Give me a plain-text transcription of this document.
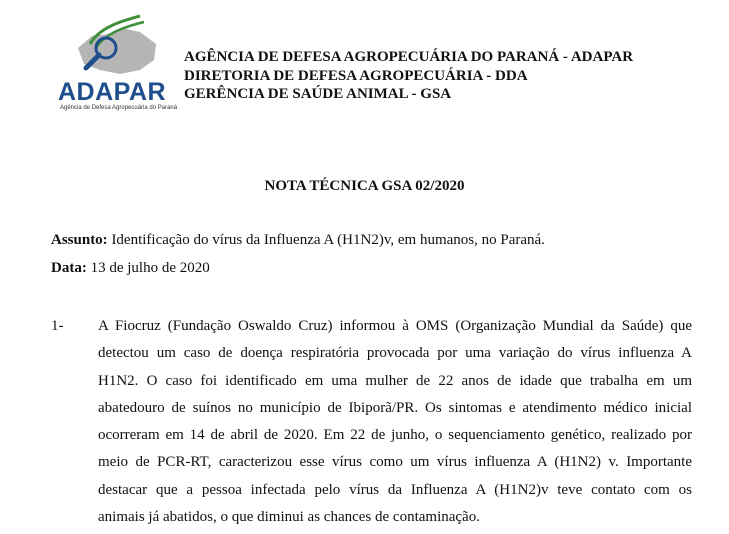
ADAPAR
Agência de Defesa Agropecuária do Paraná
AGÊNCIA DE DEFESA AGROPECUÁRIA DO PARANÁ - ADAPAR
DIRETORIA DE DEFESA AGROPECUÁRIA - DDA
GERÊNCIA DE SAÚDE ANIMAL - GSA
NOTA TÉCNICA GSA 02/2020
Assunto: Identificação do vírus da Influenza A (H1N2)v, em humanos, no Paraná.
Data: 13 de julho de 2020
1- A Fiocruz (Fundação Oswaldo Cruz) informou à OMS (Organização Mundial da Saúde) que
detectou um caso de doença respiratória provocada por uma variação do vírus influenza A
H1N2. O caso foi identificado em uma mulher de 22 anos de idade que trabalha em um
abatedouro de suínos no município de Ibiporã/PR. Os sintomas e atendimento médico inicial
ocorreram em 14 de abril de 2020. Em 22 de junho, o sequenciamento genético, realizado por
meio de PCR-RT, caracterizou esse vírus como um vírus influenza A (H1N2) v. Importante
destacar que a pessoa infectada pelo vírus da Influenza A (H1N2)v teve contato com os
animais já abatidos, o que diminui as chances de contaminação.
